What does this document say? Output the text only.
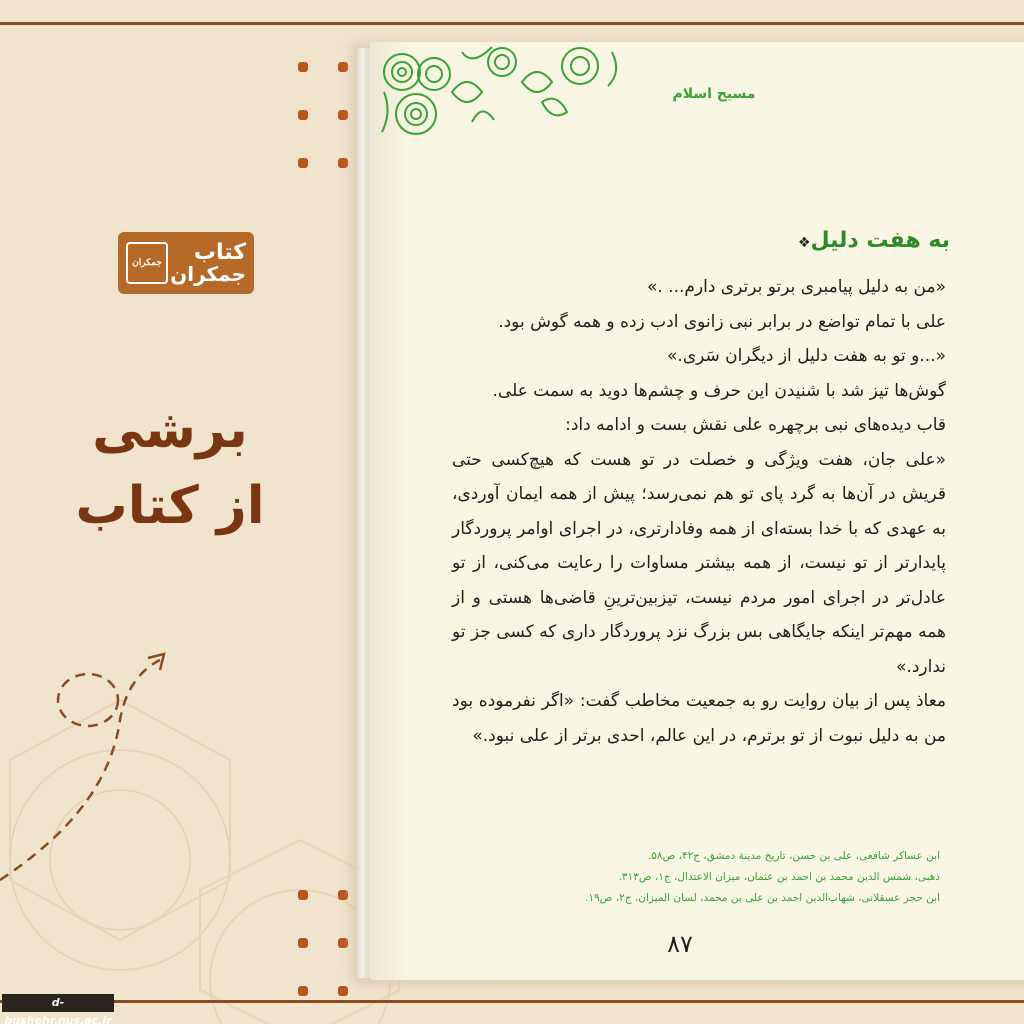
جمکران	کتاب
جمکران
برشی
از کتاب
مسیح اسلام
به هفت دلیل❖

«من به دلیل پیامبری برتو برتری دارم... .»

علی با تمام تواضع در برابر نبی زانوی ادب زده و همه گوش بود.

«...و تو به هفت دلیل از دیگران سَری.»

گوش‌ها تیز شد با شنیدن این حرف و چشم‌ها دوید به سمت علی.

قاب دیده‌های نبی برچهره علی نقش بست و ادامه داد:

«علی جان، هفت ویژگی و خصلت در تو هست که هیچ‌کسی حتی قریش در آن‌ها به گرد پای تو هم نمی‌رسد؛ پیش از همه ایمان آوردی، به عهدی که با خدا بسته‌ای از همه وفادارتری، در اجرای اوامر پروردگار پایدارتر از تو نیست، از همه بیشتر مساوات را رعایت می‌کنی، از تو عادل‌تر در اجرای امور مردم نیست، تیزبین‌ترینِ قاضی‌ها هستی و از همه مهم‌تر اینکه جایگاهی بس بزرگ نزد پروردگار داری که کسی جز تو ندارد.»

معاذ پس از بیان روایت رو به جمعیت مخاطب گفت: «اگر نفرموده بود من به دلیل نبوت از تو برترم، در این عالم، احدی برتر از علی نبود.»

ابن عساکر شافعی، علی بن حسن، تاریخ مدینة دمشق، ج۴۲، ص۵۸.
ذهبی، شمس الدین محمد بن احمد بن عثمان، میزان الاعتدال، ج۱، ص۳۱۳.
ابن حجر عسقلانی، شهاب‌الدین احمد بن علی بن محمد، لسان المیزان، ج۲، ص۱۹.
۸۷
d-bushehr.nus.ac.ir
